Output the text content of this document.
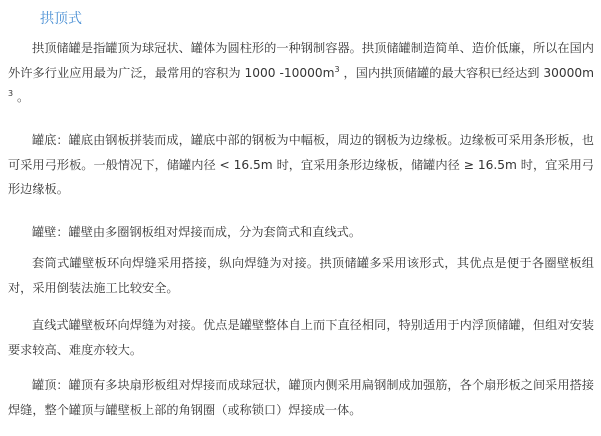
拱顶式

拱顶储罐是指罐顶为球冠状、罐体为圆柱形的一种钢制容器。拱顶储罐制造简单、造价低廉，所以在国内外许多行业应用最为广泛，最常用的容积为 1000 $-10000m^3$ ，国内拱顶储罐的最大容积已经达到 $30000m^3$ 。

罐底：罐底由钢板拼装而成，罐底中部的钢板为中幅板，周边的钢板为边缘板。边缘板可采用条形板，也可采用弓形板。一般情况下，储罐内径 < 16.5m 时，宜采用条形边缘板，储罐内径 ≥ 16.5m 时，宜采用弓形边缘板。

罐壁：罐壁由多圈钢板组对焊接而成，分为套筒式和直线式。

套筒式罐壁板环向焊缝采用搭接，纵向焊缝为对接。拱顶储罐多采用该形式，其优点是便于各圈壁板组对，采用倒装法施工比较安全。

直线式罐壁板环向焊缝为对接。优点是罐壁整体自上而下直径相同，特别适用于内浮顶储罐，但组对安装要求较高、难度亦较大。

罐顶：罐顶有多块扇形板组对焊接而成球冠状，罐顶内侧采用扁钢制成加强筋，各个扇形板之间采用搭接焊缝，整个罐顶与罐壁板上部的角钢圈（或称锁口）焊接成一体。
